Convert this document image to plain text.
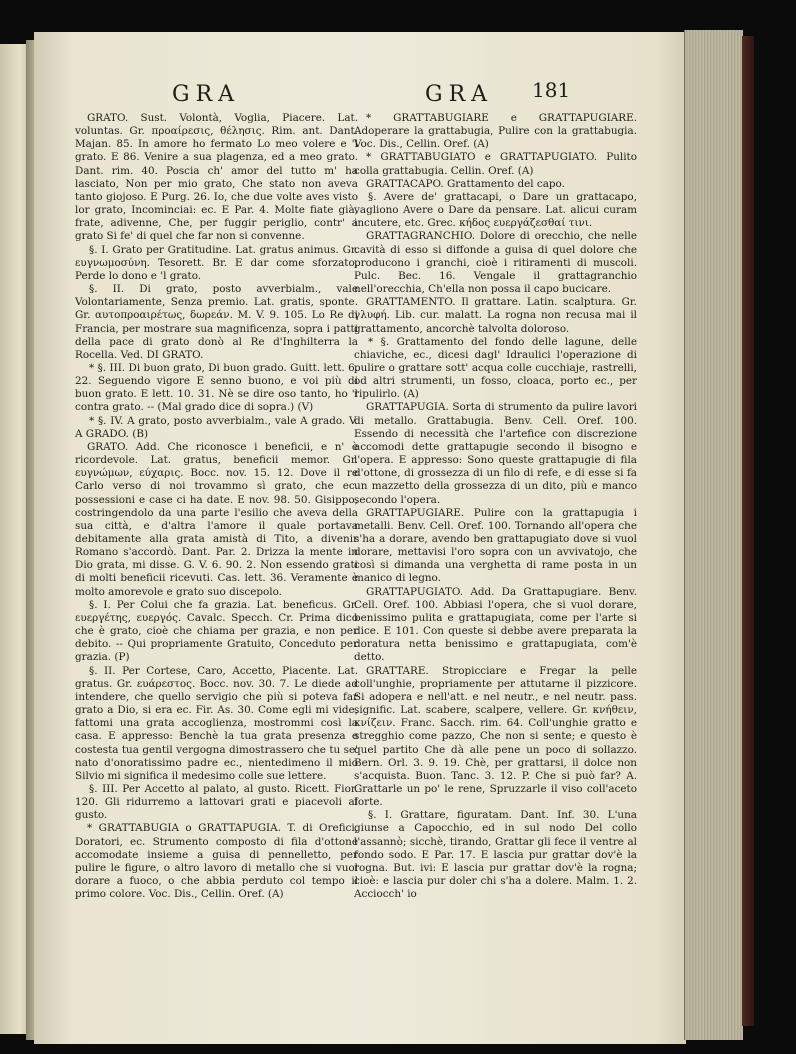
GRA	GRA 181

GRATO. Sust. Volontà, Voglia, Piacere. Lat. voluntas. Gr. προαίρεσις, θέλησις. Rim. ant. Dant. Majan. 85. In amore ho fermato Lo meo volere e 'l grato. E 86. Venire a sua plagenza, ed a meo grato. Dant. rim. 40. Poscia ch' amor del tutto m' ha lasciato, Non per mio grato, Che stato non aveva tanto giojoso. E Purg. 26. Io, che due volte aves visto lor grato, Incominciai: ec. E Par. 4. Molte fiate già, frate, adivenne, Che, per fuggir periglio, contr' a grato Si fe' di quel che far non si convenne.

§. I. Grato per Gratitudine. Lat. gratus animus. Gr. ευγνωμοσύνη. Tesorett. Br. E dar come sforzato, Perde lo dono e 'l grato.

§. II. Di grato, posto avverbialm., vale Volontariamente, Senza premio. Lat. gratis, sponte. Gr. αυτοπροαιρέτως, δωρεάν. M. V. 9. 105. Lo Re di Francia, per mostrare sua magnificenza, sopra i patti della pace di grato donò al Re d'Inghilterra la Rocella. Ved. DI GRATO.

* §. III. Di buon grato, Di buon grado. Guitt. lett. 6. 22. Seguendo vigore E senno buono, e voi più di buon grato. E lett. 10. 31. Nè se dire oso tanto, ho 'l contra grato. -- (Mal grado dice di sopra.) (V)

* §. IV. A grato, posto avverbialm., vale A grado. V. A GRADO. (B)

GRATO. Add. Che riconosce i beneficii, e n' è ricordevole. Lat. gratus, beneficii memor. Gr. ευγνώμων, εύχαρις. Bocc. nov. 15. 12. Dove il re Carlo verso di noi trovammo sì grato, che ec. possessioni e case ci ha date. E nov. 98. 50. Gisippo, costringendolo da una parte l'esilio che aveva della sua città, e d'altra l'amore il quale portava debitamente alla grata amistà di Tito, a divenir Romano s'accordò. Dant. Par. 2. Drizza la mente in Dio grata, mi disse. G. V. 6. 90. 2. Non essendo grati di molti beneficii ricevuti. Cas. lett. 36. Veramente è molto amorevole e grato suo discepolo.

§. I. Per Colui che fa grazia. Lat. beneficus. Gr. ευεργέτης, ευεργός. Cavalc. Specch. Cr. Prima dico che è grato, cioè che chiama per grazia, e non per debito. -- Qui propriamente Gratuito, Conceduto per grazia. (P)

§. II. Per Cortese, Caro, Accetto, Piacente. Lat. gratus. Gr. ευάρεστος. Bocc. nov. 30. 7. Le diede ad intendere, che quello servigio che più si poteva far grato a Dio, si era ec. Fir. As. 30. Come egli mi vide, fattomi una grata accoglienza, mostrommi così la casa. E appresso: Benchè la tua grata presenza e costesta tua gentil vergogna dimostrassero che tu se' nato d'onoratissimo padre ec., nientedimeno il mio Silvio mi significa il medesimo colle sue lettere.

§. III. Per Accetto al palato, al gusto. Ricett. Fior. 120. Gli ridurremo a lattovari grati e piacevoli al gusto.

* GRATTABUGIA o GRATTAPUGIA. T. di Orefici, Doratori, ec. Strumento composto di fila d'ottone accomodate insieme a guisa di pennelletto, per pulire le figure, o altro lavoro di metallo che si vuol dorare a fuoco, o che abbia perduto col tempo il primo colore. Voc. Dis., Cellin. Oref. (A)

* GRATTABUGIARE e GRATTAPUGIARE. Adoperare la grattabugia, Pulire con la grattabugia. Voc. Dis., Cellin. Oref. (A)

* GRATTABUGIATO e GRATTAPUGIATO. Pulito colla grattabugia. Cellin. Oref. (A)

GRATTACAPO. Grattamento del capo.

§. Avere de' grattacapi, o Dare un grattacapo, vagliono Avere o Dare da pensare. Lat. alicui curam incutere, etc. Grec. κήδος ευεργάζεσθαί τινι.

GRATTAGRANCHIO. Dolore di orecchio, che nelle cavità di esso si diffonde a guisa di quel dolore che producono i granchi, cioè i ritiramenti di muscoli. Pulc. Bec. 16. Vengale il grattagranchio nell'orecchia, Ch'ella non possa il capo bucicare.

GRATTAMENTO. Il grattare. Latin. scalptura. Gr. γλυφή. Lib. cur. malatt. La rogna non recusa mai il grattamento, ancorchè talvolta doloroso.

* §. Grattamento del fondo delle lagune, delle chiaviche, ec., dicesi dagl' Idraulici l'operazione di pulire o grattare sott' acqua colle cucchiaje, rastrelli, od altri strumenti, un fosso, cloaca, porto ec., per ripulirlo. (A)

GRATTAPUGIA. Sorta di strumento da pulire lavori di metallo. Grattabugia. Benv. Cell. Oref. 100. Essendo di necessità che l'artefice con discrezione accomodi dette grattapugie secondo il bisogno e l'opera. E appresso: Sono queste grattapugie di fila d'ottone, di grossezza di un filo di refe, e di esse si fa un mazzetto della grossezza di un dito, più e manco secondo l'opera.

GRATTAPUGIARE. Pulire con la grattapugia i metalli. Benv. Cell. Oref. 100. Tornando all'opera che s'ha a dorare, avendo ben grattapugiato dove si vuol dorare, mettavisi l'oro sopra con un avvivatojo, che così si dimanda una verghetta di rame posta in un manico di legno.

GRATTAPUGIATO. Add. Da Grattapugiare. Benv. Cell. Oref. 100. Abbiasi l'opera, che si vuol dorare, benissimo pulita e grattapugiata, come per l'arte si dice. E 101. Con queste si debbe avere preparata la doratura netta benissimo e grattapugiata, com'è detto.

GRATTARE. Stropicciare e Fregar la pelle coll'unghie, propriamente per attutarne il pizzicore. Si adopera e nell'att. e nel neutr., e nel neutr. pass. signific. Lat. scabere, scalpere, vellere. Gr. κνήθειν, κνίζειν. Franc. Sacch. rim. 64. Coll'unghie gratto e stregghio come pazzo, Che non si sente; e questo è quel partito Che dà alle pene un poco di sollazzo. Bern. Orl. 3. 9. 19. Chè, per grattarsi, il dolce non s'acquista. Buon. Tanc. 3. 12. P. Che si può far? A. Grattarle un po' le rene, Spruzzarle il viso coll'aceto forte.

§. I. Grattare, figuratam. Dant. Inf. 30. L'una giunse a Capocchio, ed in sul nodo Del collo l'assannò; sicchè, tirando, Grattar gli fece il ventre al fondo sodo. E Par. 17. E lascia pur grattar dov'è la rogna. But. ivi: E lascia pur grattar dov'è la rogna; cioè: e lascia pur doler chi s'ha a dolere. Malm. 1. 2. Acciocch' io
